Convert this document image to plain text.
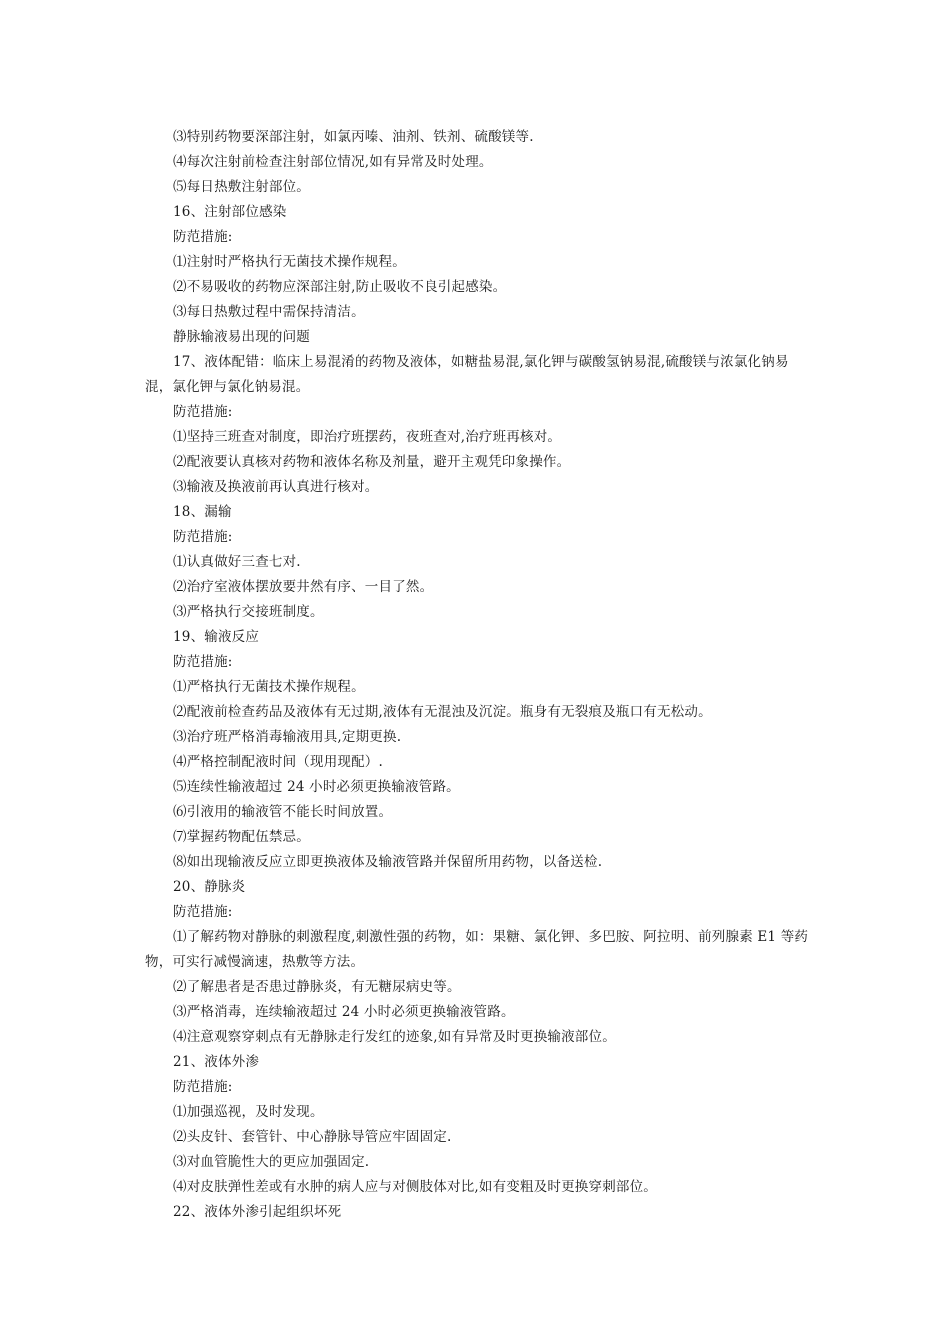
⑶特别药物要深部注射，如氯丙嗪、油剂、铁剂、硫酸镁等.
⑷每次注射前检查注射部位情况,如有异常及时处理。
⑸每日热敷注射部位。
16、注射部位感染
防范措施:
⑴注射时严格执行无菌技术操作规程。
⑵不易吸收的药物应深部注射,防止吸收不良引起感染。
⑶每日热敷过程中需保持清洁。
静脉输液易出现的问题

17、液体配错：临床上易混淆的药物及液体，如糖盐易混,氯化钾与碳酸氢钠易混,硫酸镁与浓氯化钠易混，氯化钾与氯化钠易混。

防范措施:
⑴坚持三班查对制度，即治疗班摆药，夜班查对,治疗班再核对。
⑵配液要认真核对药物和液体名称及剂量，避开主观凭印象操作。
⑶输液及换液前再认真进行核对。
18、漏输
防范措施:
⑴认真做好三查七对.
⑵治疗室液体摆放要井然有序、一目了然。
⑶严格执行交接班制度。
19、输液反应
防范措施:
⑴严格执行无菌技术操作规程。
⑵配液前检查药品及液体有无过期,液体有无混浊及沉淀。瓶身有无裂痕及瓶口有无松动。
⑶治疗班严格消毒输液用具,定期更换.
⑷严格控制配液时间（现用现配）.
⑸连续性输液超过 24 小时必须更换输液管路。
⑹引液用的输液管不能长时间放置。
⑺掌握药物配伍禁忌。
⑻如出现输液反应立即更换液体及输液管路并保留所用药物，以备送检.
20、静脉炎
防范措施:

⑴了解药物对静脉的刺激程度,刺激性强的药物，如：果糖、氯化钾、多巴胺、阿拉明、前列腺素 E1 等药物，可实行减慢滴速，热敷等方法。

⑵了解患者是否患过静脉炎，有无糖尿病史等。
⑶严格消毒，连续输液超过 24 小时必须更换输液管路。
⑷注意观察穿刺点有无静脉走行发红的迹象,如有异常及时更换输液部位。
21、液体外渗
防范措施:
⑴加强巡视，及时发现。
⑵头皮针、套管针、中心静脉导管应牢固固定.
⑶对血管脆性大的更应加强固定.
⑷对皮肤弹性差或有水肿的病人应与对侧肢体对比,如有变粗及时更换穿刺部位。
22、液体外渗引起组织坏死
